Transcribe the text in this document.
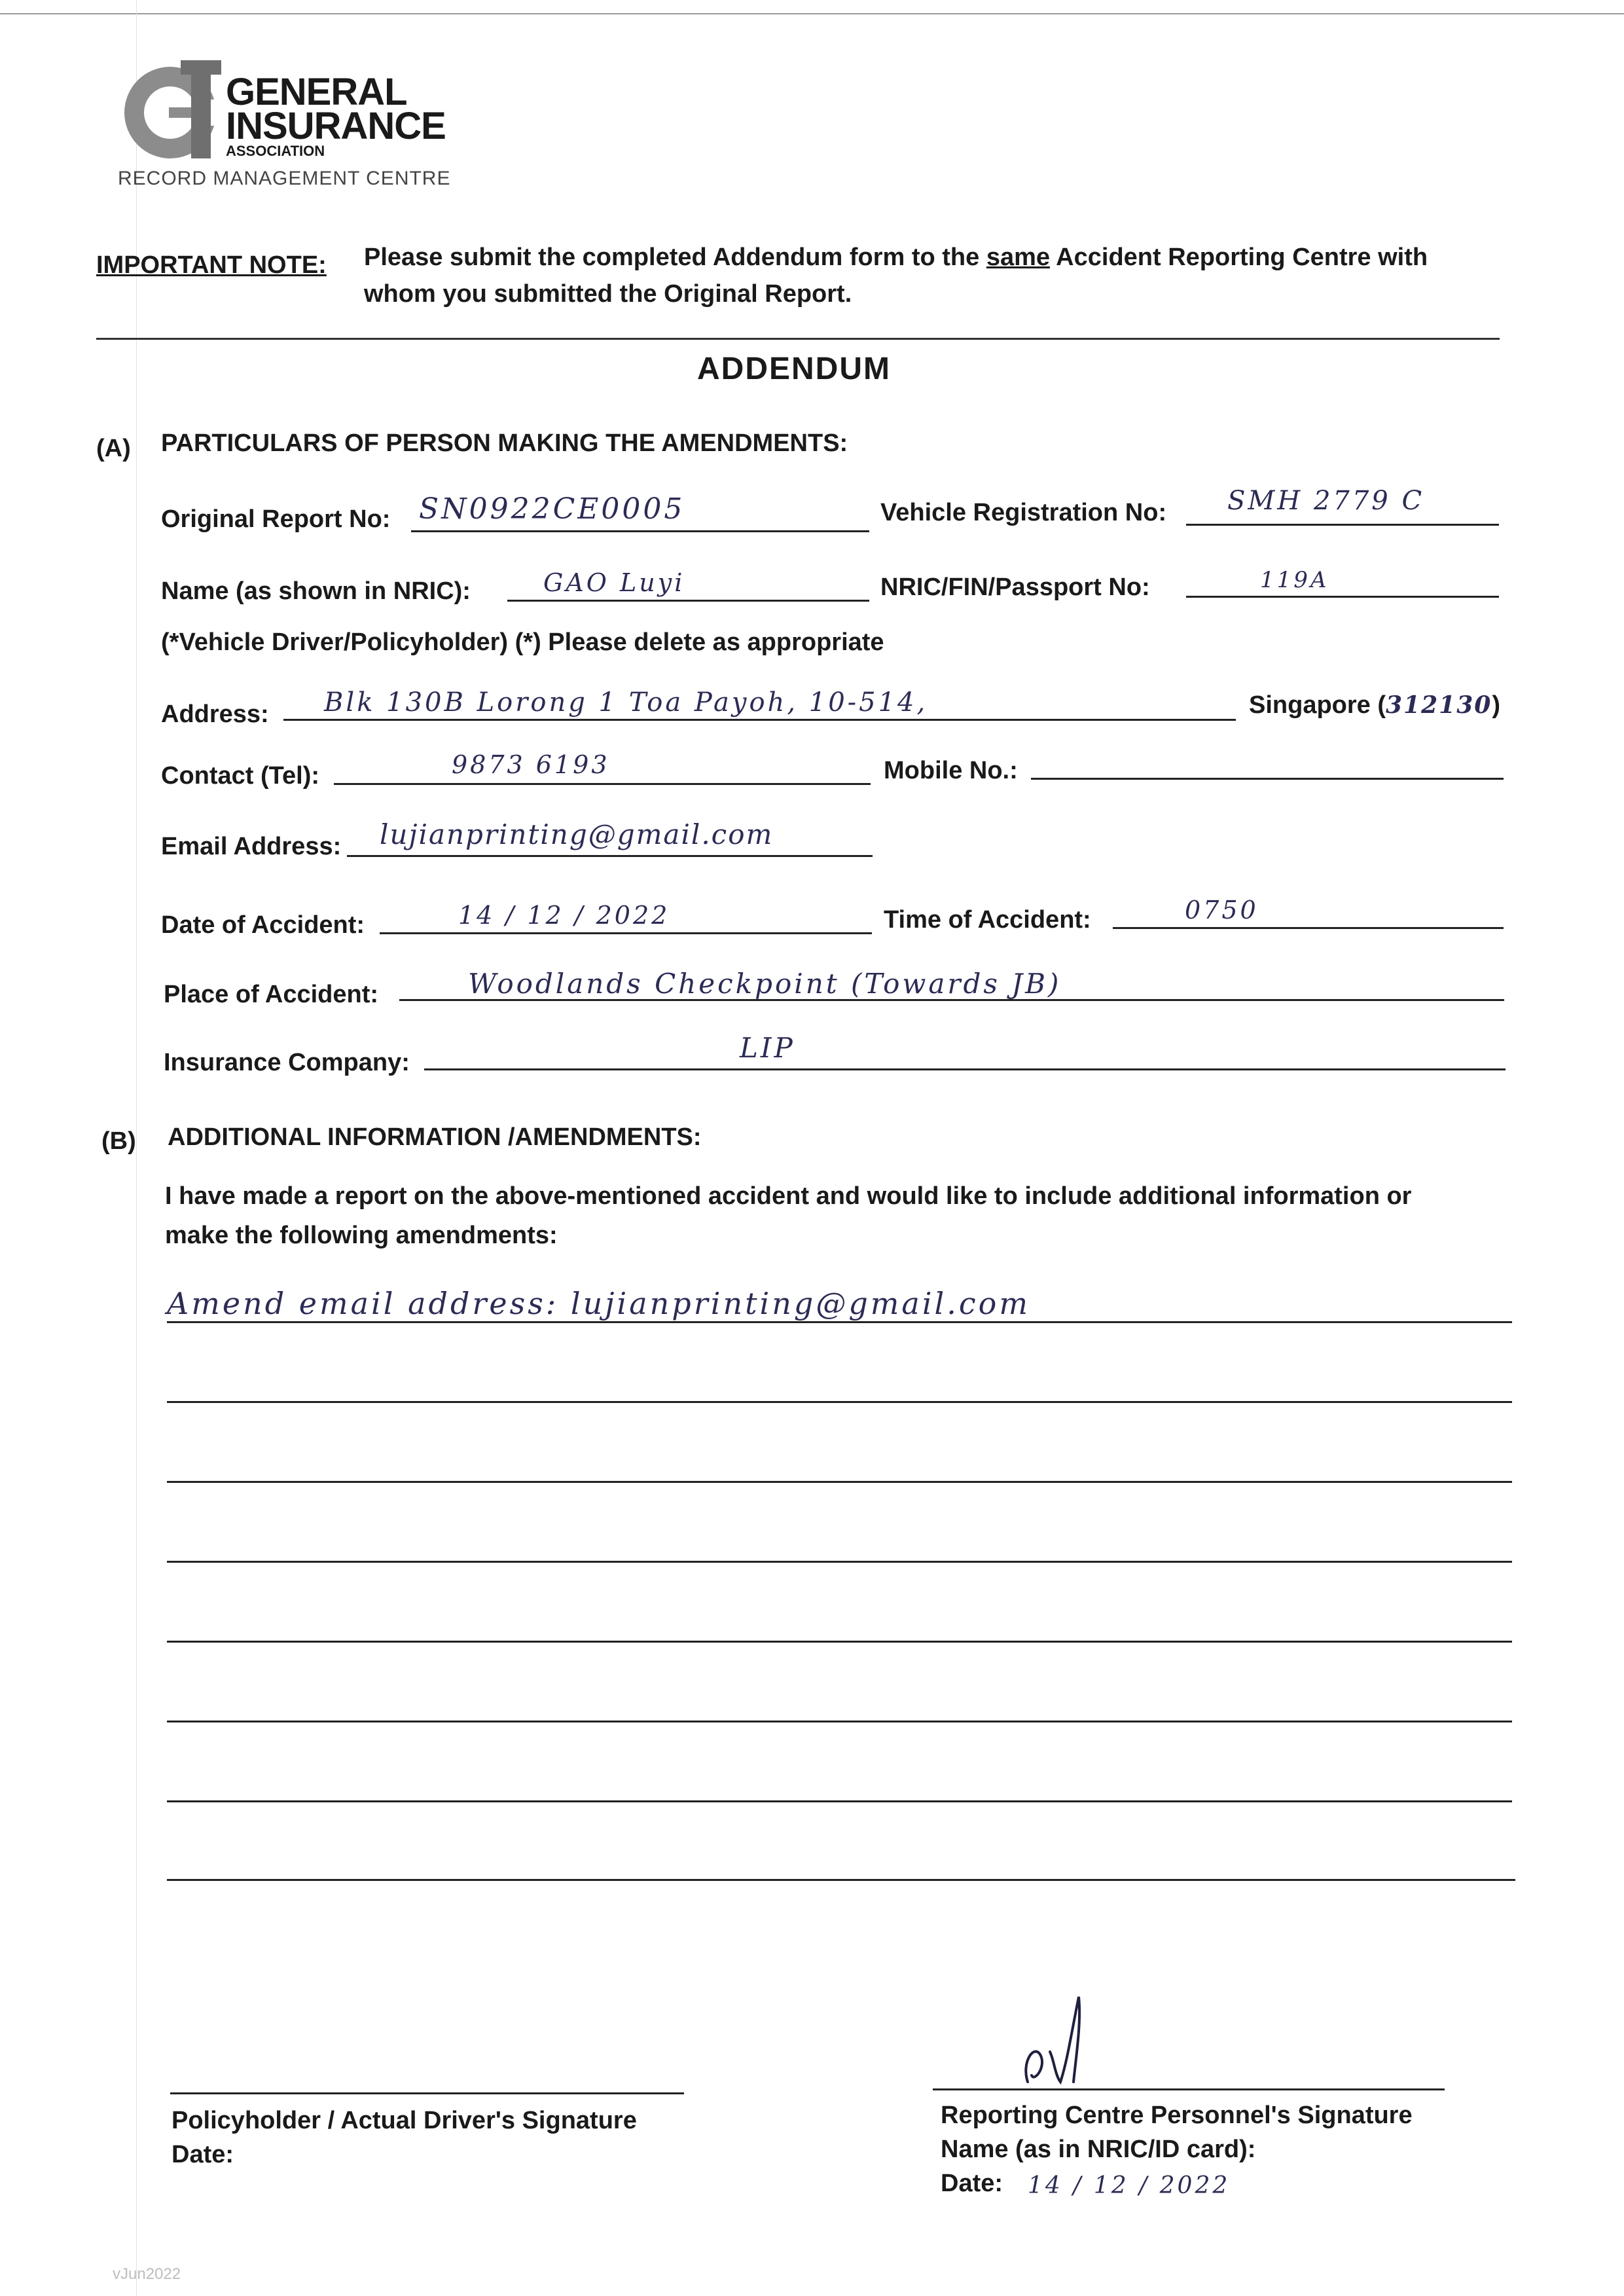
GENERAL
INSURANCE
ASSOCIATION
RECORD MANAGEMENT CENTRE
IMPORTANT NOTE: Please submit the completed Addendum form to the same Accident Reporting Centre with
whom you submitted the Original Report.
ADDENDUM
(A) PARTICULARS OF PERSON MAKING THE AMENDMENTS:
Original Report No: SN0922CE0005	Vehicle Registration No: SMH 2779 C
Name (as shown in NRIC):	GAO Luyi	NRIC/FIN/Passport No:	119A
(*Vehicle Driver/Policyholder) (*) Please delete as appropriate
Address: Blk 130B Lorong 1 Toa Payoh, 10-514,	Singapore (312130)
Contact (Tel):	9873 6193	Mobile No.:
Email Address: lujianprinting@gmail.com
Date of Accident:	14 / 12 / 2022	Time of Accident:	0750
Place of Accident:	Woodlands Checkpoint (Towards JB)
Insurance Company:	LIP
(B) ADDITIONAL INFORMATION /AMENDMENTS:
I have made a report on the above-mentioned accident and would like to include additional information or
make the following amendments:
Amend email address: lujianprinting@gmail.com
Policyholder / Actual Driver's Signature
Date:
Reporting Centre Personnel's Signature
Name (as in NRIC/ID card):
Date: 14 / 12 / 2022
vJun2022
